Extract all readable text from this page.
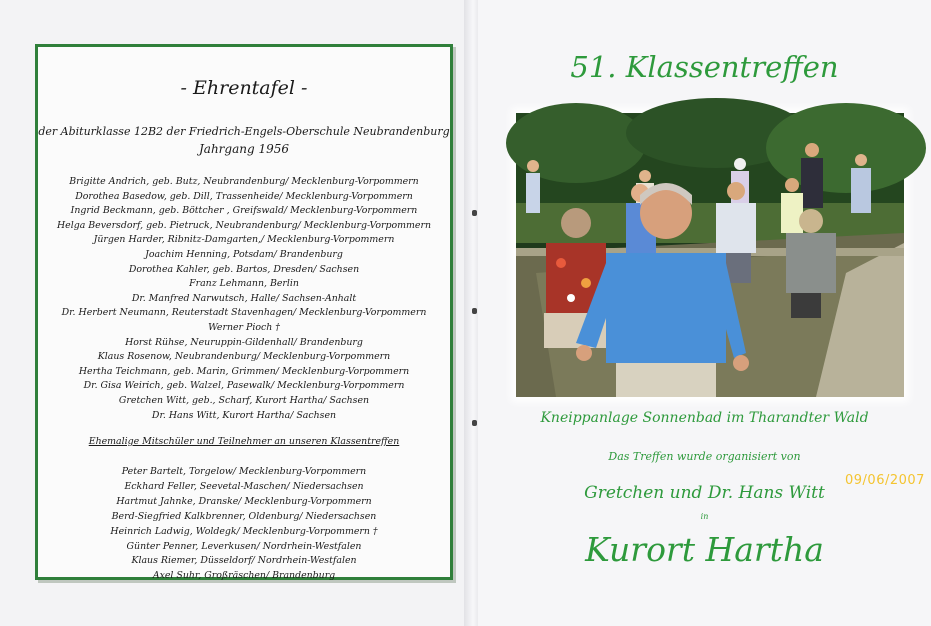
- Ehrentafel -
der Abiturklasse 12B2 der Friedrich-Engels-Oberschule Neubrandenburg
Jahrgang 1956
Brigitte Andrich, geb. Butz, Neubrandenburg/ Mecklenburg-Vorpommern
Dorothea Basedow, geb. Dill, Trassenheide/ Mecklenburg-Vorpommern
Ingrid Beckmann, geb. Böttcher , Greifswald/ Mecklenburg-Vorpommern
Helga Beversdorf, geb. Pietruck, Neubrandenburg/ Mecklenburg-Vorpommern
Jürgen Harder, Ribnitz-Damgarten,/ Mecklenburg-Vorpommern
Joachim Henning, Potsdam/ Brandenburg
Dorothea Kahler, geb. Bartos, Dresden/ Sachsen
Franz Lehmann, Berlin
Dr. Manfred Narwutsch, Halle/ Sachsen-Anhalt
Dr. Herbert Neumann, Reuterstadt Stavenhagen/ Mecklenburg-Vorpommern
Werner Pioch †
Horst Rühse, Neuruppin-Gildenhall/ Brandenburg
Klaus Rosenow, Neubrandenburg/ Mecklenburg-Vorpommern
Hertha Teichmann, geb. Marin, Grimmen/ Mecklenburg-Vorpommern
Dr. Gisa Weirich, geb. Walzel, Pasewalk/ Mecklenburg-Vorpommern
Gretchen Witt, geb., Scharf, Kurort Hartha/ Sachsen
Dr. Hans Witt, Kurort Hartha/ Sachsen
Ehemalige Mitschüler und Teilnehmer an unseren Klassentreffen
Peter Bartelt, Torgelow/ Mecklenburg-Vorpommern
Eckhard Feller, Seevetal-Maschen/ Niedersachsen
Hartmut Jahnke, Dranske/ Mecklenburg-Vorpommern
Berd-Siegfried Kalkbrenner, Oldenburg/ Niedersachsen
Heinrich Ladwig, Woldegk/ Mecklenburg-Vorpommern †
Günter Penner, Leverkusen/ Nordrhein-Westfalen
Klaus Riemer, Düsseldorf/ Nordrhein-Westfalen
Axel Suhr, Großräschen/ Brandenburg
51. Klassentreffen
09/06/2007
Kneippanlage Sonnenbad im Tharandter Wald
Das Treffen wurde organisiert von
Gretchen und Dr. Hans Witt
in
Kurort Hartha
